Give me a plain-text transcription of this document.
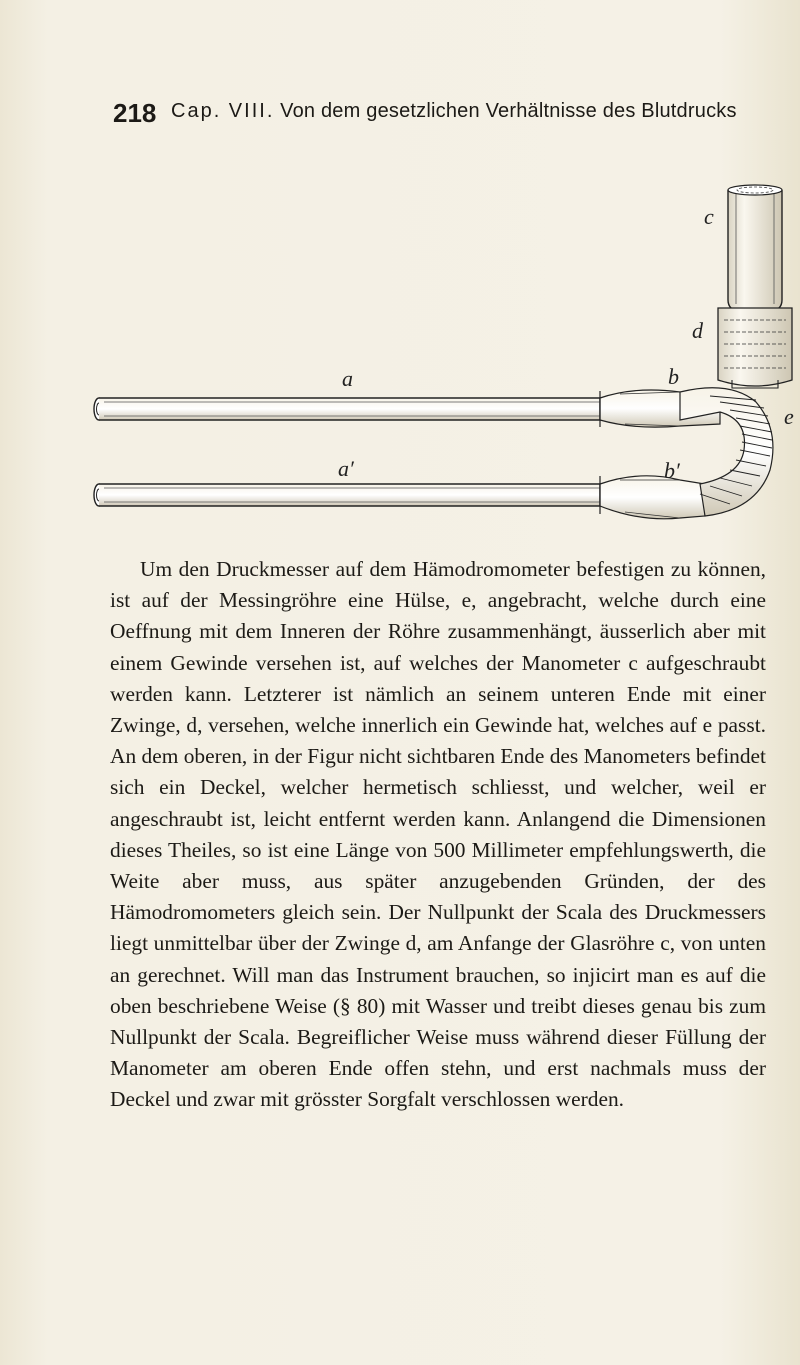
218 Cap. VIII. Von dem gesetzlichen Verhältnisse des Blutdrucks
c
d
a	b
e
a′	b′

Um den Druckmesser auf dem Hämodromometer befestigen zu können, ist auf der Messingröhre eine Hülse, e, angebracht, welche durch eine Oeffnung mit dem Inneren der Röhre zusammenhängt, äusserlich aber mit einem Gewinde versehen ist, auf welches der Manometer c aufgeschraubt werden kann. Letzterer ist nämlich an seinem unteren Ende mit einer Zwinge, d, versehen, welche innerlich ein Gewinde hat, welches auf e passt. An dem oberen, in der Figur nicht sichtbaren Ende des Manometers befindet sich ein Deckel, welcher hermetisch schliesst, und welcher, weil er angeschraubt ist, leicht entfernt werden kann. Anlangend die Dimensionen dieses Theiles, so ist eine Länge von 500 Millimeter empfehlungswerth, die Weite aber muss, aus später anzugebenden Gründen, der des Hämodromometers gleich sein. Der Nullpunkt der Scala des Druckmessers liegt unmittelbar über der Zwinge d, am Anfange der Glasröhre c, von unten an gerechnet. Will man das Instrument brauchen, so injicirt man es auf die oben beschriebene Weise (§ 80) mit Wasser und treibt dieses genau bis zum Nullpunkt der Scala. Begreiflicher Weise muss während dieser Füllung der Manometer am oberen Ende offen stehn, und erst nachmals muss der Deckel und zwar mit grösster Sorgfalt verschlossen werden.
